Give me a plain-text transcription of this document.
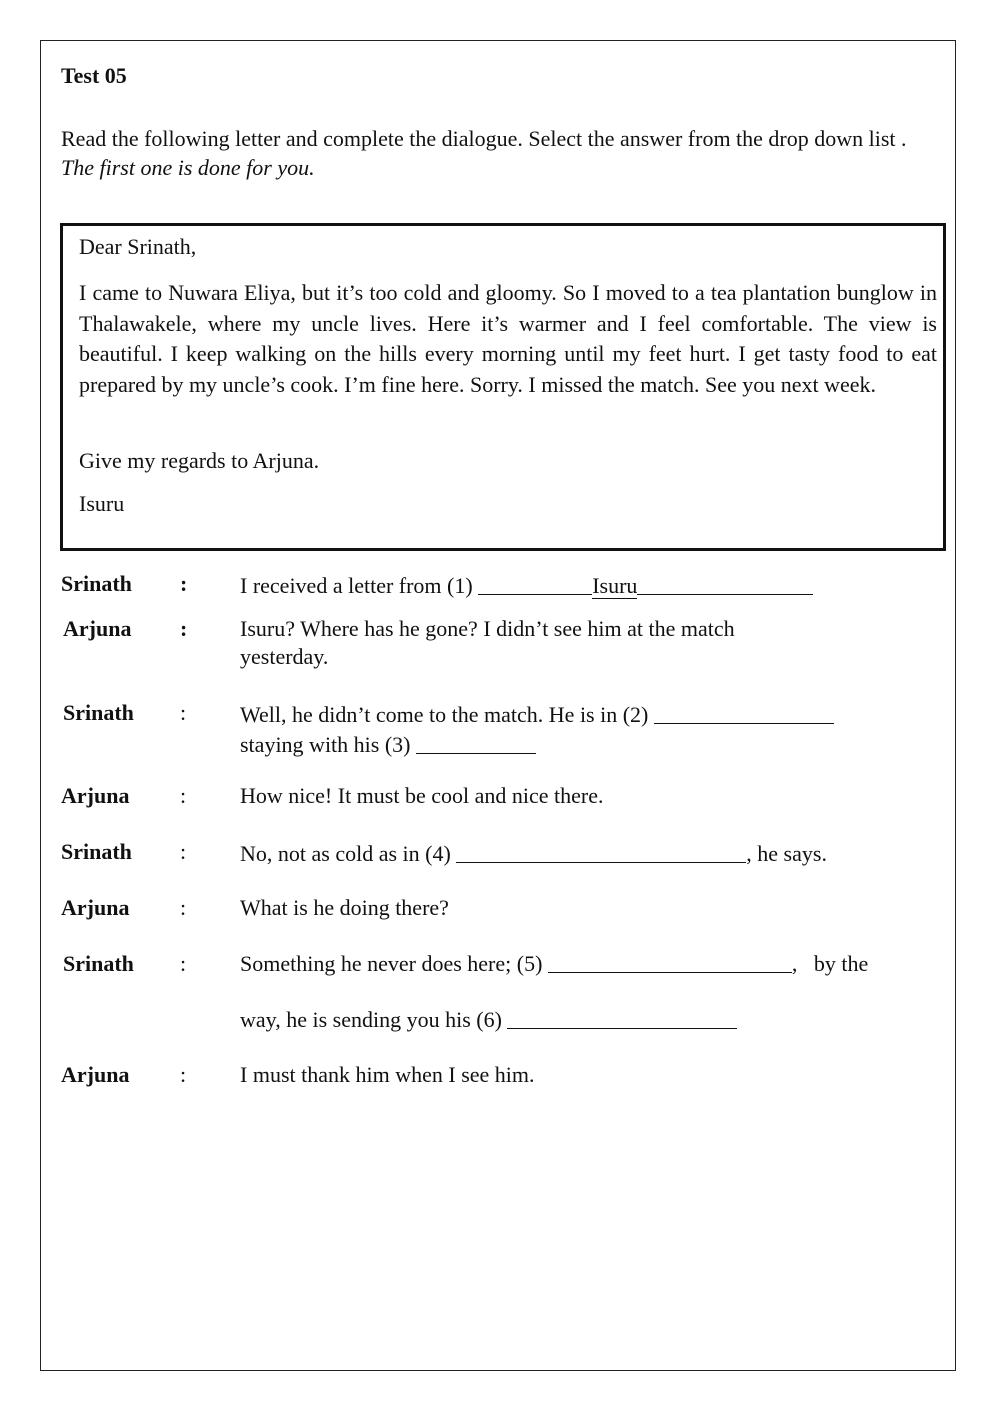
Test 05
Read the following letter and complete the dialogue. Select the answer from the drop down list . The first one is done for you.
Dear Srinath,
I came to Nuwara Eliya, but it’s too cold and gloomy. So I moved to a tea plantation bunglow in Thalawakele, where my uncle lives. Here it’s warmer and I feel comfortable. The view is beautiful. I keep walking on the hills every morning until my feet hurt. I get tasty food to eat prepared by my uncle’s cook. I’m fine here. Sorry. I missed the match. See you next week.
Give my regards to Arjuna.
Isuru
Srinath : I received a letter from (1)	Isuru
Arjuna : Isuru? Where has he gone? I didn’t see him at the match yesterday.
Srinath : Well, he didn’t come to the match. He is in (2)
staying with his (3)
Arjuna : How nice! It must be cool and nice there.
Srinath : No, not as cold as in (4)	, he says.
Arjuna : What is he doing there?
Srinath : Something he never does here; (5)	,   by the
way, he is sending you his (6)
Arjuna : I must thank him when I see him.
